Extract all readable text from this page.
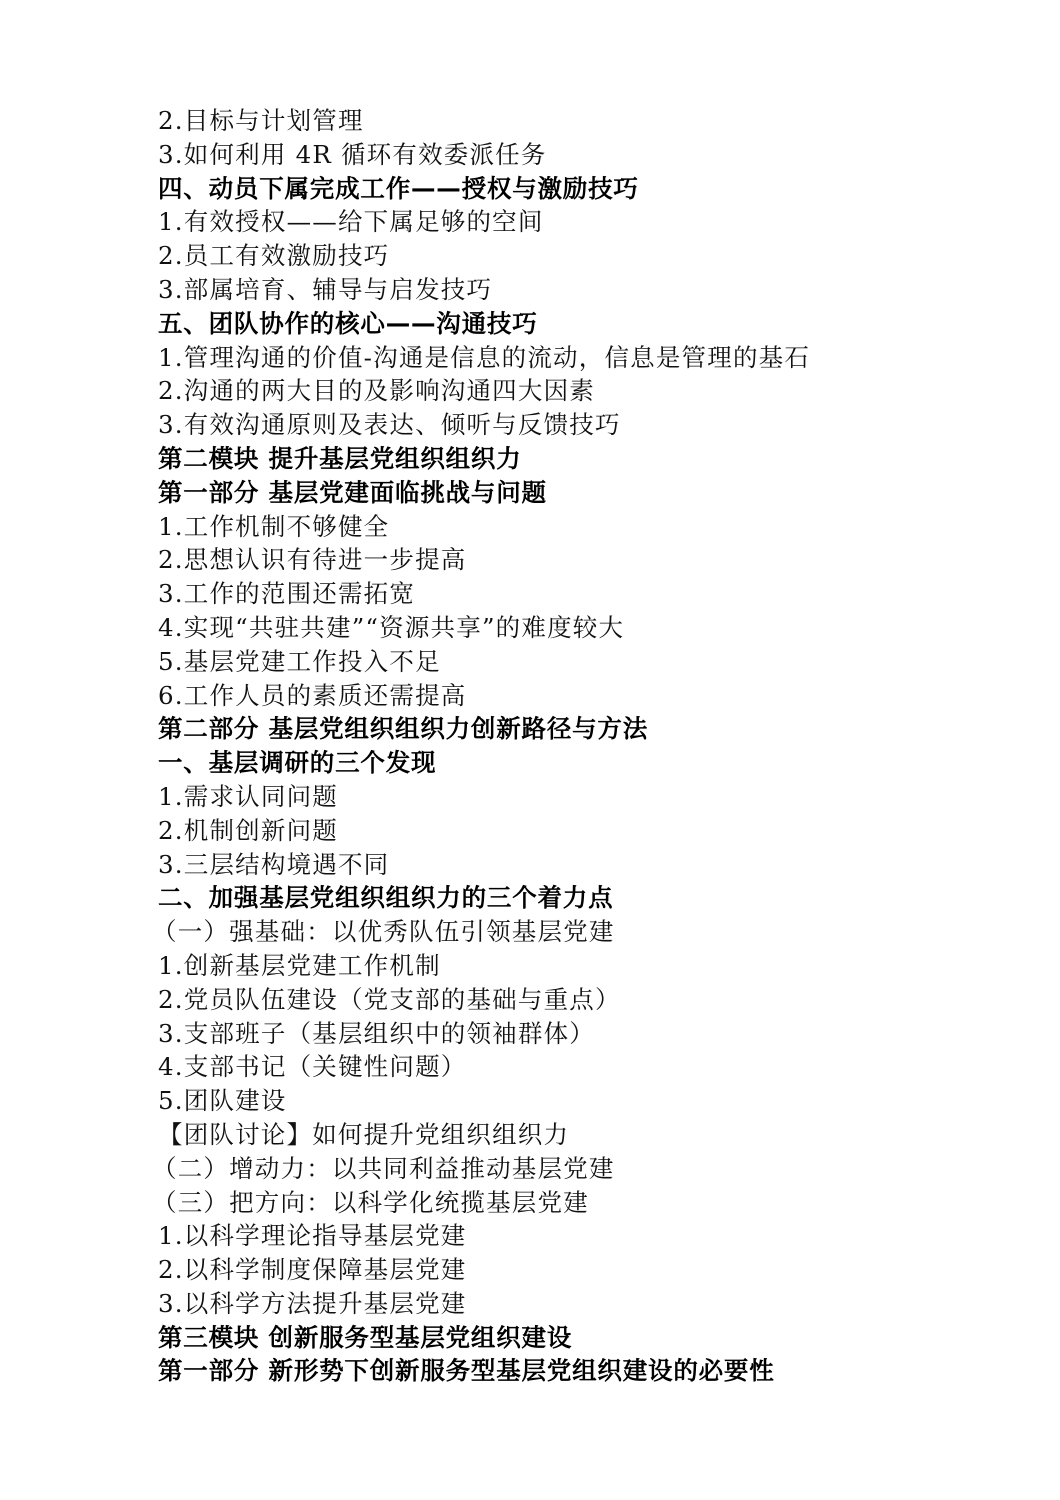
2.目标与计划管理
3.如何利用 4R 循环有效委派任务
四、动员下属完成工作——授权与激励技巧
1.有效授权——给下属足够的空间
2.员工有效激励技巧
3.部属培育、辅导与启发技巧
五、团队协作的核心——沟通技巧
1.管理沟通的价值-沟通是信息的流动，信息是管理的基石
2.沟通的两大目的及影响沟通四大因素
3.有效沟通原则及表达、倾听与反馈技巧
第二模块 提升基层党组织组织力
第一部分 基层党建面临挑战与问题
1.工作机制不够健全
2.思想认识有待进一步提高
3.工作的范围还需拓宽
4.实现“共驻共建”“资源共享”的难度较大
5.基层党建工作投入不足
6.工作人员的素质还需提高
第二部分 基层党组织组织力创新路径与方法
一、基层调研的三个发现
1.需求认同问题
2.机制创新问题
3.三层结构境遇不同
二、加强基层党组织组织力的三个着力点
（一）强基础：以优秀队伍引领基层党建
1.创新基层党建工作机制
2.党员队伍建设（党支部的基础与重点）
3.支部班子（基层组织中的领袖群体）
4.支部书记（关键性问题）
5.团队建设
【团队讨论】如何提升党组织组织力
（二）增动力：以共同利益推动基层党建
（三）把方向：以科学化统揽基层党建
1.以科学理论指导基层党建
2.以科学制度保障基层党建
3.以科学方法提升基层党建
第三模块 创新服务型基层党组织建设
第一部分 新形势下创新服务型基层党组织建设的必要性
